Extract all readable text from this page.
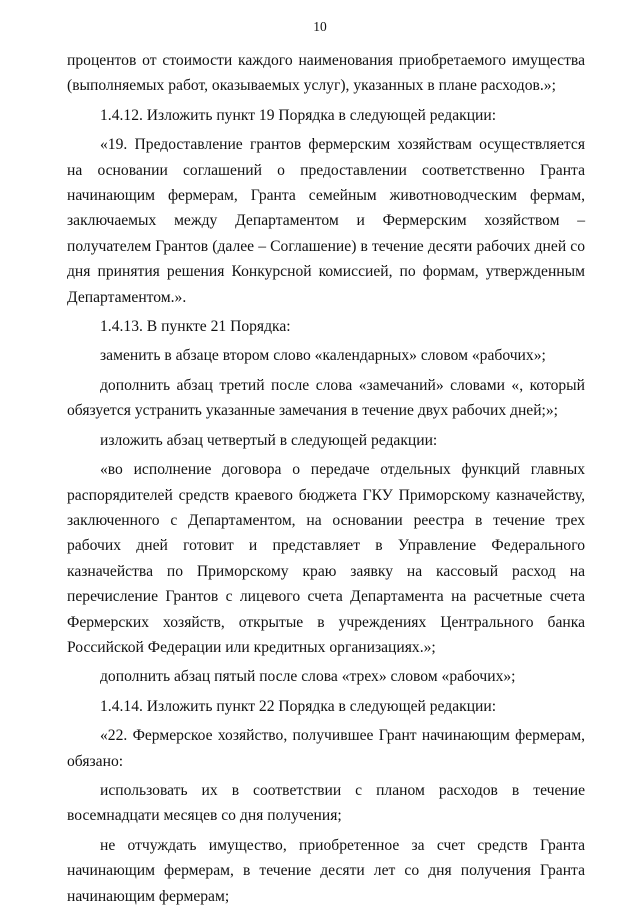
10

процентов от стоимости каждого наименования приобретаемого имущества (выполняемых работ, оказываемых услуг), указанных в плане расходов.»;

1.4.12. Изложить пункт 19 Порядка в следующей редакции:

«19. Предоставление грантов фермерским хозяйствам осуществляется на основании соглашений о предоставлении соответственно Гранта начинающим фермерам, Гранта семейным животноводческим фермам, заключаемых между Департаментом и Фермерским хозяйством – получателем Грантов (далее – Соглашение) в течение десяти рабочих дней со дня принятия решения Конкурсной комиссией, по формам, утвержденным Департаментом.».

1.4.13. В пункте 21 Порядка:

заменить в абзаце втором слово «календарных» словом «рабочих»;

дополнить абзац третий после слова «замечаний» словами «, который обязуется устранить указанные замечания в течение двух рабочих дней;»;

изложить абзац четвертый в следующей редакции:

«во исполнение договора о передаче отдельных функций главных распорядителей средств краевого бюджета ГКУ Приморскому казначейству, заключенного с Департаментом, на основании реестра в течение трех рабочих дней готовит и представляет в Управление Федерального казначейства по Приморскому краю заявку на кассовый расход на перечисление Грантов с лицевого счета Департамента на расчетные счета Фермерских хозяйств, открытые в учреждениях Центрального банка Российской Федерации или кредитных организациях.»;

дополнить абзац пятый после слова «трех» словом «рабочих»;

1.4.14. Изложить пункт 22 Порядка в следующей редакции:

«22. Фермерское хозяйство, получившее Грант начинающим фермерам, обязано:

использовать их в соответствии с планом расходов в течение восемнадцати месяцев со дня получения;

не отчуждать имущество, приобретенное за счет средств Гранта начинающим фермерам, в течение десяти лет со дня получения Гранта начинающим фермерам;
